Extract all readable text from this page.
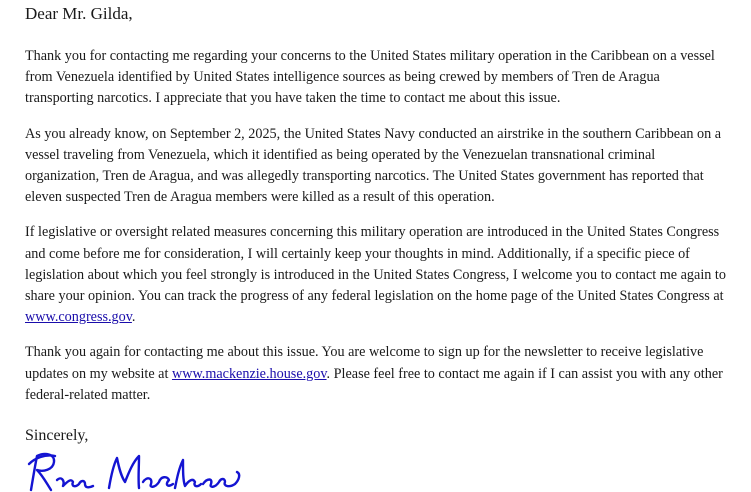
Dear Mr. Gilda,

Thank you for contacting me regarding your concerns to the United States military operation in the Caribbean on a vessel from Venezuela identified by United States intelligence sources as being crewed by members of Tren de Aragua transporting narcotics. I appreciate that you have taken the time to contact me about this issue.

As you already know, on September 2, 2025, the United States Navy conducted an airstrike in the southern Caribbean on a vessel traveling from Venezuela, which it identified as being operated by the Venezuelan transnational criminal organization, Tren de Aragua, and was allegedly transporting narcotics. The United States government has reported that eleven suspected Tren de Aragua members were killed as a result of this operation.

If legislative or oversight related measures concerning this military operation are introduced in the United States Congress and come before me for consideration, I will certainly keep your thoughts in mind. Additionally, if a specific piece of legislation about which you feel strongly is introduced in the United States Congress, I welcome you to contact me again to share your opinion. You can track the progress of any federal legislation on the home page of the United States Congress at www.congress.gov.

Thank you again for contacting me about this issue. You are welcome to sign up for the newsletter to receive legislative updates on my website at www.mackenzie.house.gov. Please feel free to contact me again if I can assist you with any other federal-related matter.

Sincerely,
